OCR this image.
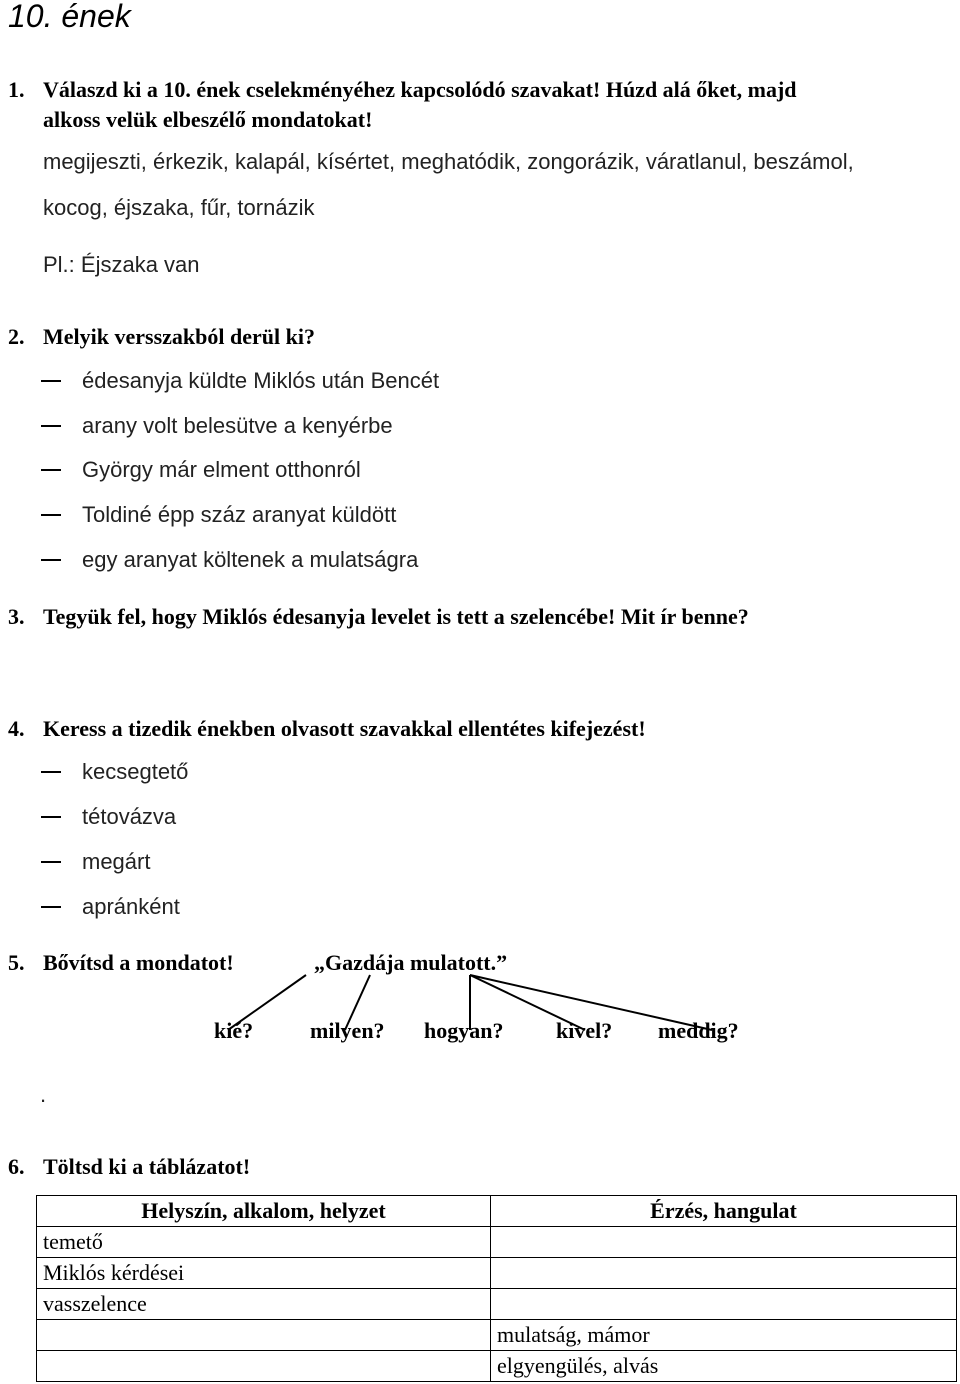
10. ének
1. Válaszd ki a 10. ének cselekményéhez kapcsolódó szavakat! Húzd alá őket, majd
alkoss velük elbeszélő mondatokat!
megijeszti, érkezik, kalapál, kísértet, meghatódik, zongorázik, váratlanul, beszámol,
kocog, éjszaka, fűr, tornázik
Pl.: Éjszaka van
2. Melyik versszakból derül ki?
édesanyja küldte Miklós után Bencét
arany volt belesütve a kenyérbe
György már elment otthonról
Toldiné épp száz aranyat küldött
egy aranyat költenek a mulatságra
3. Tegyük fel, hogy Miklós édesanyja levelet is tett a szelencébe! Mit ír benne?
4. Keress a tizedik énekben olvasott szavakkal ellentétes kifejezést!
kecsegtető
tétovázva
megárt
apránként
5. Bővítsd a mondatot!	„Gazdája mulatott.”
kié?	milyen? hogyan? kivel? meddig?
.
6. Töltsd ki a táblázatot!
Helyszín, alkalom, helyzet	Érzés, hangulat
temető	
Miklós kérdései	
vasszelence	
	mulatság, mámor
	elgyengülés, alvás
